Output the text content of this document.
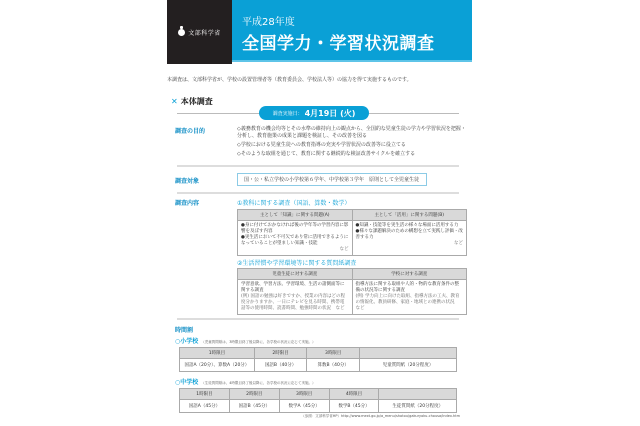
文部科学省
平成28年度
全国学力・学習状況調査
本調査は、文部科学省が、学校の設置管理者等（教育委員会、学校法人等）の協力を得て実施するものです。
✕ 本体調査
調査実施日： 4月19日 (火)
調査の目的	◇義務教育の機会均等とその水準の維持向上の観点から、全国的な児童生徒の学力や学習状況を把握・分析し、教育施策の成果と課題を検証し、その改善を図る
◇学校における児童生徒への教育指導の充実や学習状況の改善等に役立てる
◇そのような取組を通じて、教育に関する継続的な検証改善サイクルを確立する
調査対象	国・公・私立学校の小学校第６学年、中学校第３学年　原則として全児童生徒
調査内容	①教科に関する調査（国語、算数・数学）
主として「知識」に関する問題(A)	主として「活用」に関する問題(B)

●身に付けておかなければ後の学年等の学習内容に影響を及ぼす内容
●実生活において不可欠であり常に活用できるようになっていることが望ましい知識・技能
など

●知識・技能等を実生活の様々な場面に活用する力
●様々な課題解決のための構想を立て実践し評価・改善する力
など
②生活習慣や学習環境等に関する質問紙調査
児童生徒に対する調査	学校に対する調査

学習意欲、学習方法、学習環境、生活の諸側面等に関する調査
(例) 国語の勉強は好きですか、授業の内容はどの程度分かりますか、一日にテレビを見る時間、携帯電話等の使用時間、読書時間、勉強時間の状況　など

指導方法に関する取組や人的・物的な教育条件の整備の状況等に関する調査
(例) 学力向上に向けた取組、指導方法の工夫、教育の情報化、教員研修、家庭・地域との連携の状況　など
時間割
○小学校 （児童質問紙は、3時限目終了後以降に、各学校の状況に応じて実施。）
1時限目	2時限目	3時限目	
国語A（20分）、算数A（20分）	国語B（40分）	算数B（40分）	児童質問紙（20分程度）
○中学校 （生徒質問紙は、4時限目終了後以降に、各学校の状況に応じて実施。）
1時限目	2時限目	3時限目	4時限目	
国語A（45分）	国語B（45分）	数学A（45分）	数学B（45分）	生徒質問紙（20分程度）
（参照：文部科学省HP）http://www.mext.go.jp/a_menu/shotou/gakuryoku-chousa/index.htm
